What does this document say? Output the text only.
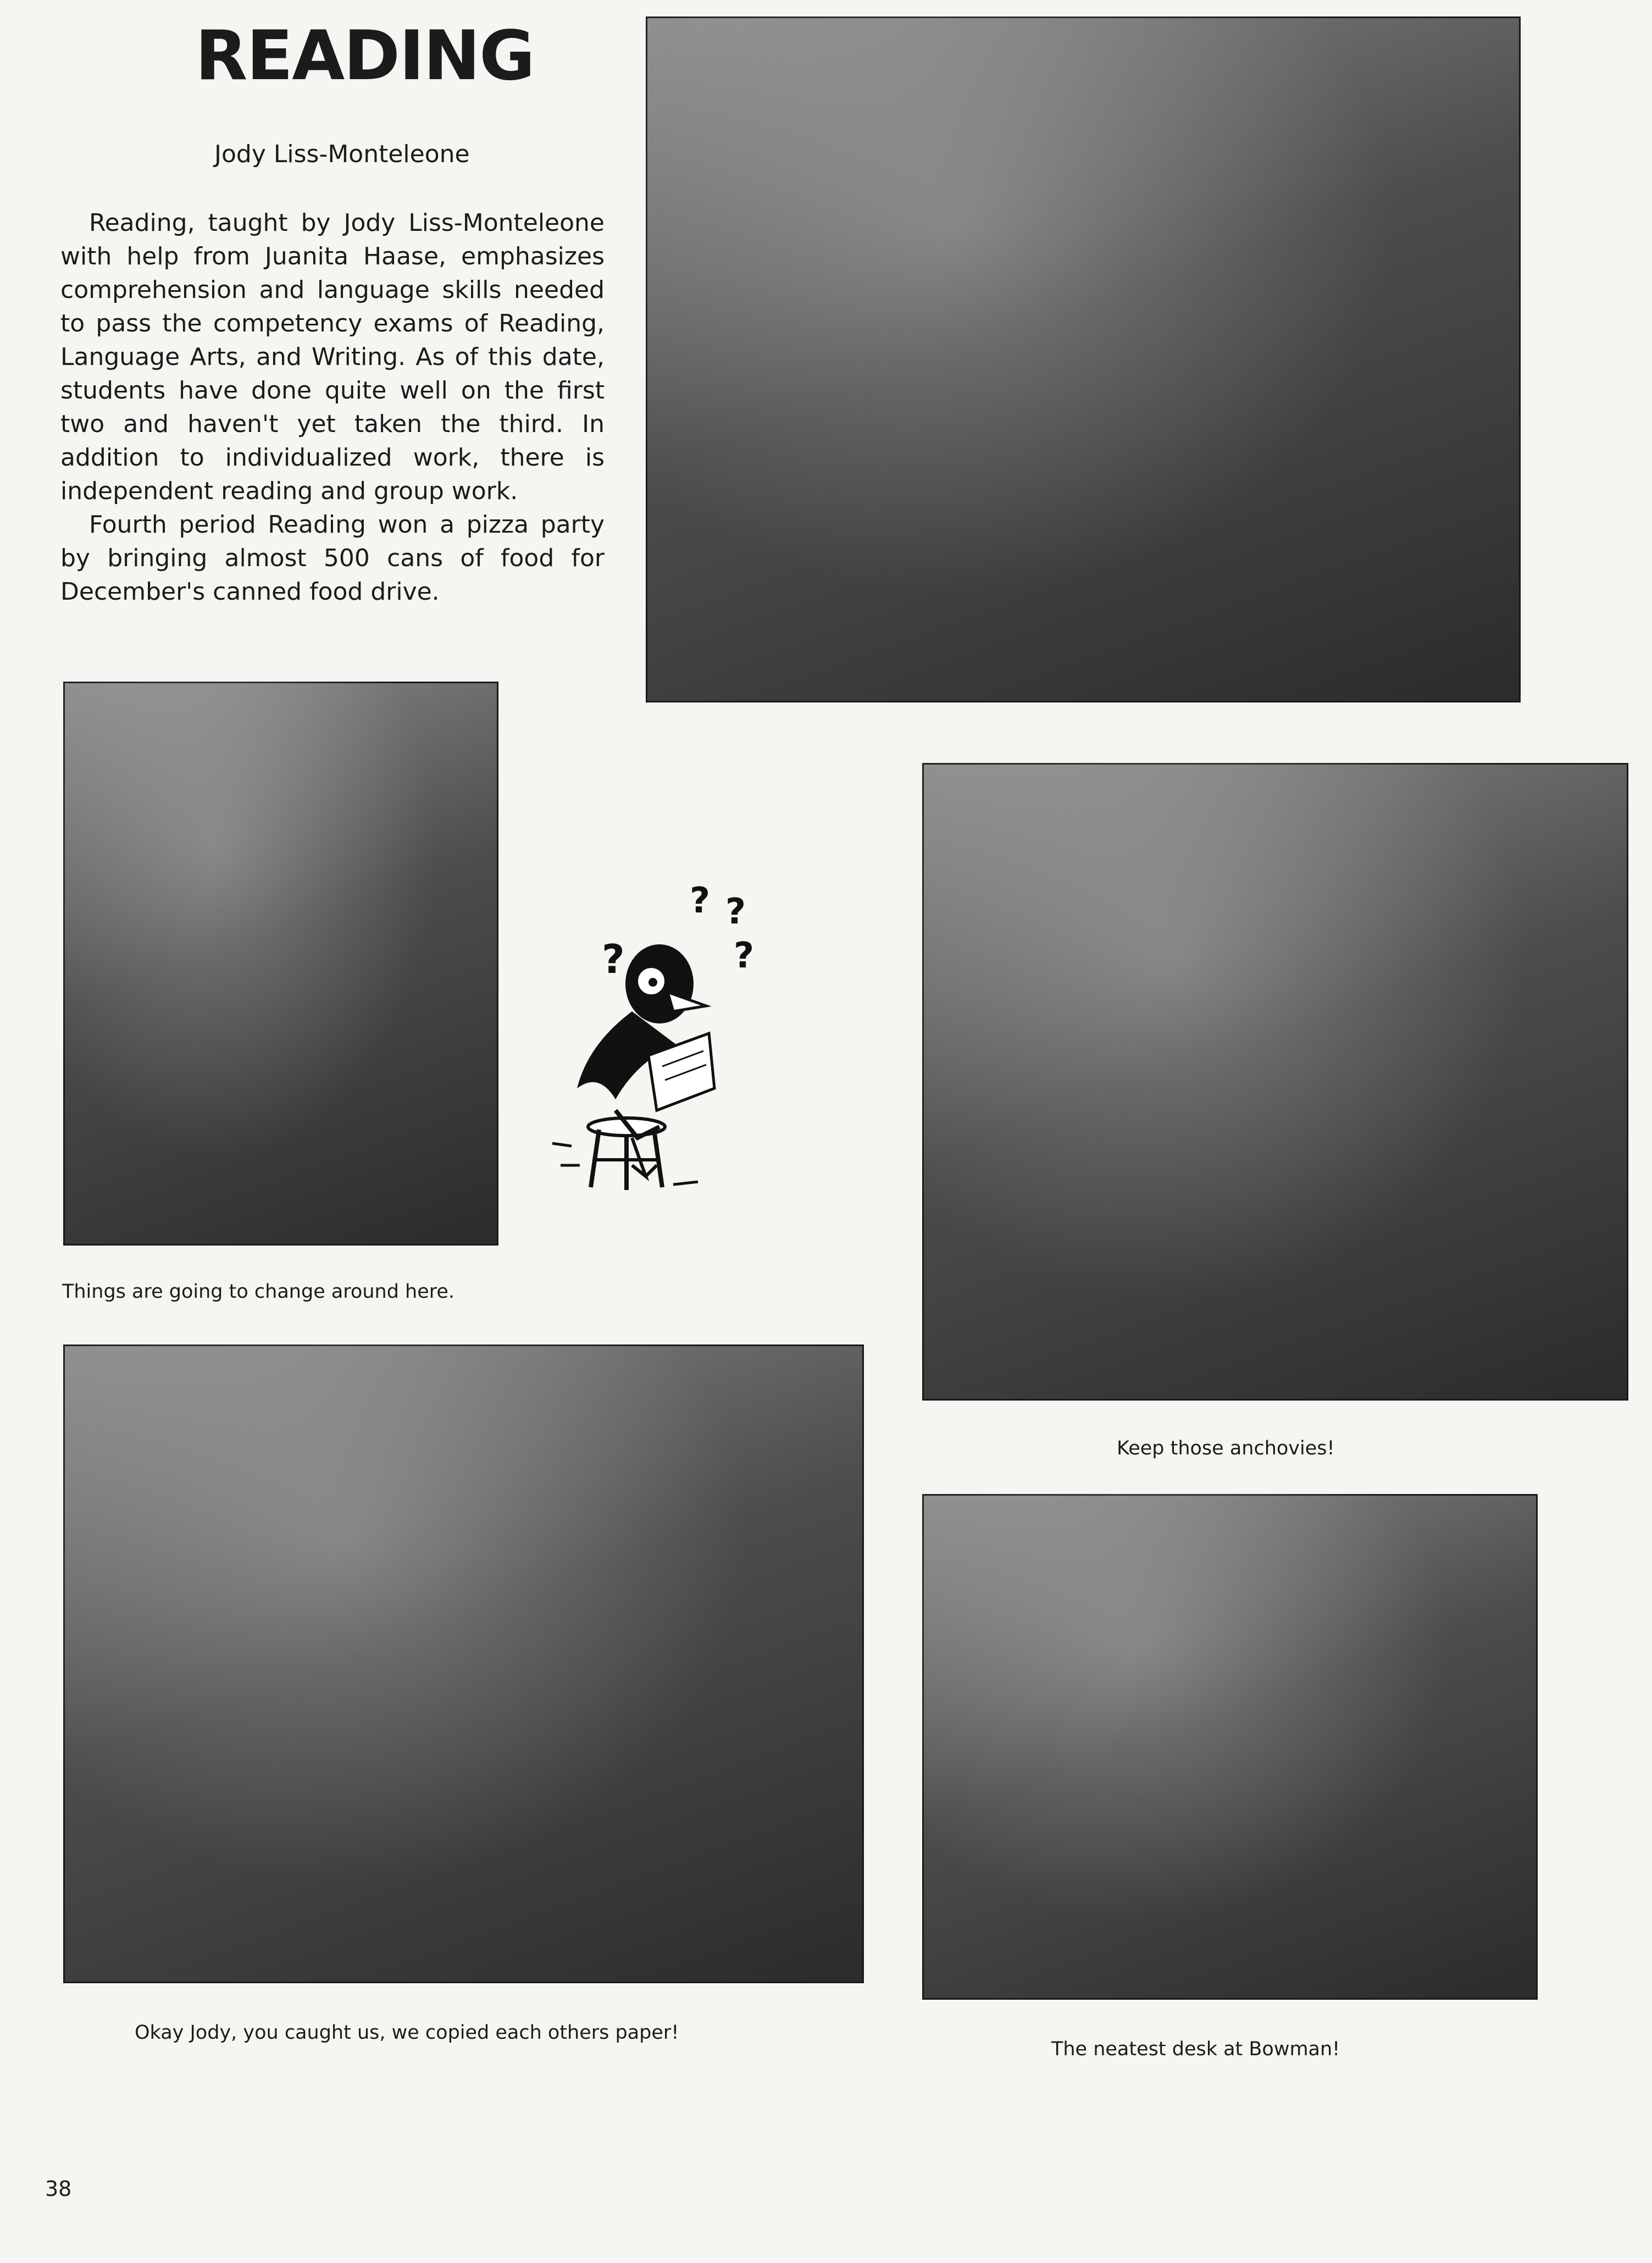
READING
Jody Liss-Monteleone

Reading, taught by Jody Liss-Monteleone with help from Juanita Haase, emphasizes comprehension and language skills needed to pass the competency exams of Reading, Language Arts, and Writing. As of this date, students have done quite well on the first two and haven't yet taken the third. In addition to individualized work, there is independent reading and group work.

Fourth period Reading won a pizza party by bringing almost 500 cans of food for December's canned food drive.

Things are going to change around here.
Keep those anchovies!
Okay Jody, you caught us, we copied each others paper!
The neatest desk at Bowman!
?
? ?
?
38
